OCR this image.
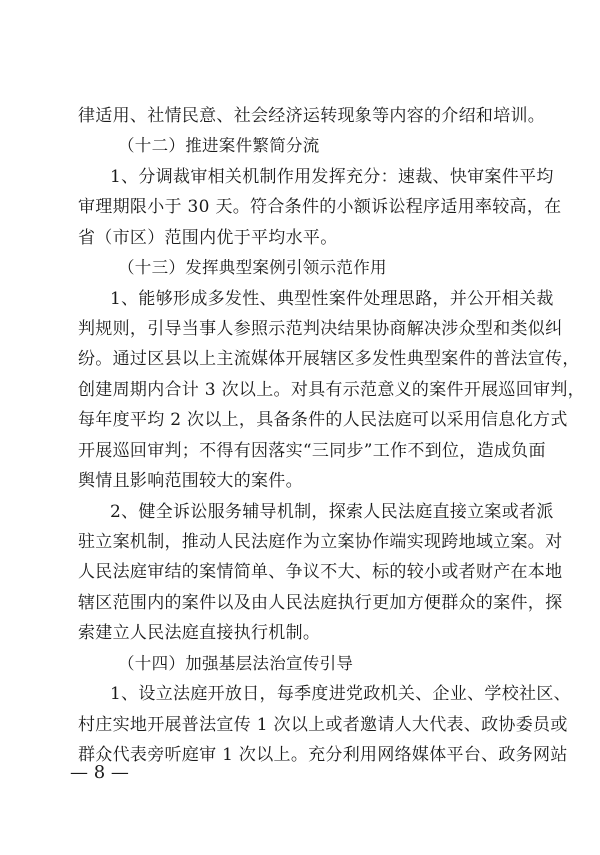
律适用、社情民意、社会经济运转现象等内容的介绍和培训。
（十二）推进案件繁简分流
1、分调裁审相关机制作用发挥充分：速裁、快审案件平均
审理期限小于 30 天。符合条件的小额诉讼程序适用率较高，在
省（市区）范围内优于平均水平。
（十三）发挥典型案例引领示范作用
1、能够形成多发性、典型性案件处理思路，并公开相关裁
判规则，引导当事人参照示范判决结果协商解决涉众型和类似纠
纷。通过区县以上主流媒体开展辖区多发性典型案件的普法宣传，
创建周期内合计 3 次以上。对具有示范意义的案件开展巡回审判，
每年度平均 2 次以上，具备条件的人民法庭可以采用信息化方式
开展巡回审判；不得有因落实“三同步”工作不到位，造成负面
舆情且影响范围较大的案件。
2、健全诉讼服务辅导机制，探索人民法庭直接立案或者派
驻立案机制，推动人民法庭作为立案协作端实现跨地域立案。对
人民法庭审结的案情简单、争议不大、标的较小或者财产在本地
辖区范围内的案件以及由人民法庭执行更加方便群众的案件，探
索建立人民法庭直接执行机制。
（十四）加强基层法治宣传引导
1、设立法庭开放日，每季度进党政机关、企业、学校社区、
村庄实地开展普法宣传 1 次以上或者邀请人大代表、政协委员或
群众代表旁听庭审 1 次以上。充分利用网络媒体平台、政务网站
— 8 —
